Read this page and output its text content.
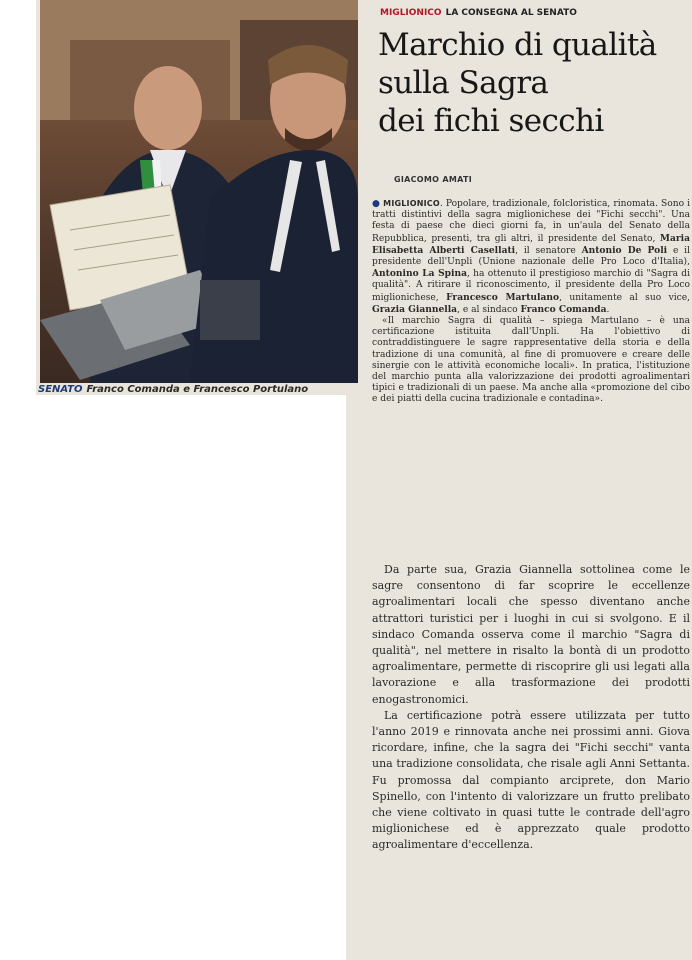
SENATO Franco Comanda e Francesco Portulano
MIGLIONICO LA CONSEGNA AL SENATO
Marchio di qualità
sulla Sagra
dei fichi secchi
GIACOMO AMATI

● MIGLIONICO. Popolare, tradizionale, folcloristica, rinomata. Sono i tratti distintivi della sagra miglionichese dei "Fichi secchi". Una festa di paese che dieci giorni fa, in un'aula del Senato della Repubblica, presenti, tra gli altri, il presidente del Senato, Maria Elisabetta Alberti Casellati, il senatore Antonio De Poli e il presidente dell'Unpli (Unione nazionale delle Pro Loco d'Italia), Antonino La Spina, ha ottenuto il prestigioso marchio di "Sagra di qualità". A ritirare il riconoscimento, il presidente della Pro Loco miglionichese, Francesco Martulano, unitamente al suo vice, Grazia Giannella, e al sindaco Franco Comanda.

«Il marchio Sagra di qualità – spiega Martulano – è una certificazione istituita dall'Unpli. Ha l'obiettivo di contraddistinguere le sagre rappresentative della storia e della tradizione di una comunità, al fine di promuovere e creare delle sinergie con le attività economiche locali». In pratica, l'istituzione del marchio punta alla valorizzazione dei prodotti agroalimentari tipici e tradizionali di un paese. Ma anche alla «promozione del cibo e dei piatti della cucina tradizionale e contadina».

Da parte sua, Grazia Giannella sottolinea come le sagre consentono di far scoprire le eccellenze agroalimentari locali che spesso diventano anche attrattori turistici per i luoghi in cui si svolgono. E il sindaco Comanda osserva come il marchio "Sagra di qualità", nel mettere in risalto la bontà di un prodotto agroalimentare, permette di riscoprire gli usi legati alla lavorazione e alla trasformazione dei prodotti enogastronomici.

La certificazione potrà essere utilizzata per tutto l'anno 2019 e rinnovata anche nei prossimi anni. Giova ricordare, infine, che la sagra dei "Fichi secchi" vanta una tradizione consolidata, che risale agli Anni Settanta. Fu promossa dal compianto arciprete, don Mario Spinello, con l'intento di valorizzare un frutto prelibato che viene coltivato in quasi tutte le contrade dell'agro miglionichese ed è apprezzato quale prodotto agroalimentare d'eccellenza.
